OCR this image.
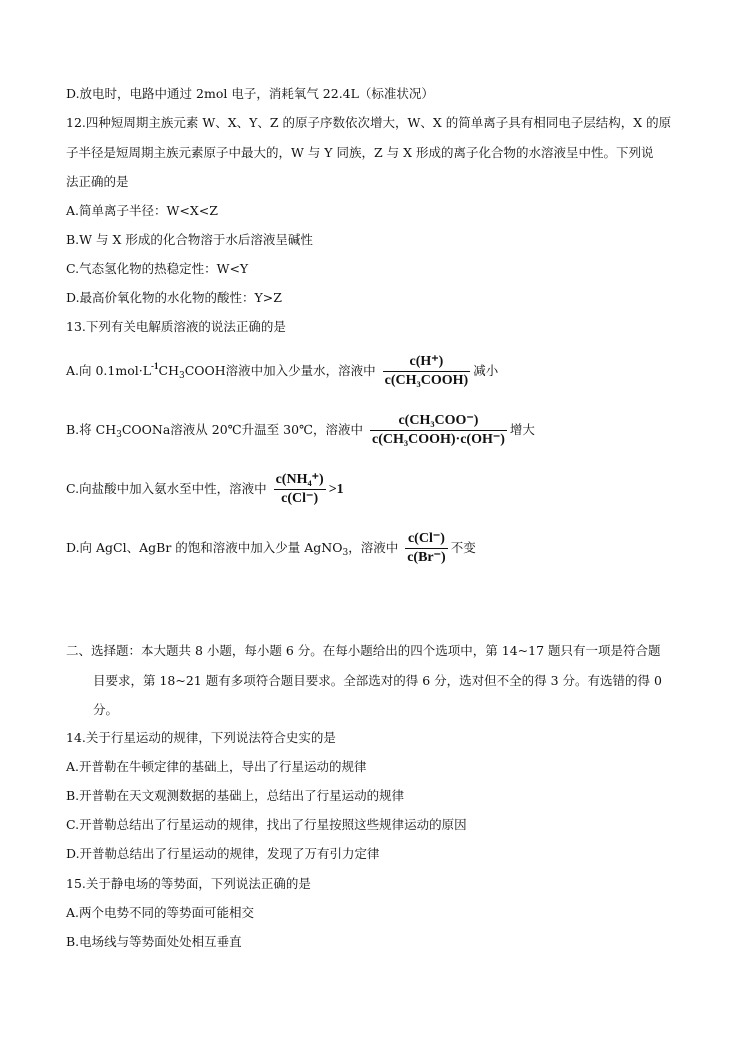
D.放电时，电路中通过 2mol 电子，消耗氧气 22.4L（标准状况）
12.四种短周期主族元素 W、X、Y、Z 的原子序数依次增大，W、X 的简单离子具有相同电子层结构，X 的原
子半径是短周期主族元素原子中最大的，W 与 Y 同族，Z 与 X 形成的离子化合物的水溶液呈中性。下列说
法正确的是
A.简单离子半径：W<X<Z
B.W 与 X 形成的化合物溶于水后溶液呈碱性
C.气态氢化物的热稳定性：W<Y
D.最高价氧化物的水化物的酸性：Y>Z
13.下列有关电解质溶液的说法正确的是
A.向 $0.1mol\cdot L^{-1}CH_3COOH$溶液中加入少量水，溶液中 $\frac{c(H^+)}{\text{c(CH₃COOH)}}$ 减小
B.将 $CH_3COONa$溶液从 20℃升温至 30℃，溶液中 $\frac{\text{c(CH₃COO⁻)}}{\text{c(CH₃COOH)·c(OH⁻)}}$ 增大
C.向盐酸中加入氨水至中性，溶液中 $\frac{\text{c(NH₄⁺)}}{c(Cl^-)} >1$
D.向 AgCl、AgBr 的饱和溶液中加入少量 AgNO$_3$，溶液中 $\frac{c(Cl^-)}{c(Br^-)}$ 不变
二、选择题：本大题共 8 小题，每小题 6 分。在每小题给出的四个选项中，第 14~17 题只有一项是符合题
目要求，第 18~21 题有多项符合题目要求。全部选对的得 6 分，选对但不全的得 3 分。有选错的得 0
分。
14.关于行星运动的规律，下列说法符合史实的是
A.开普勒在牛顿定律的基础上，导出了行星运动的规律
B.开普勒在天文观测数据的基础上，总结出了行星运动的规律
C.开普勒总结出了行星运动的规律，找出了行星按照这些规律运动的原因
D.开普勒总结出了行星运动的规律，发现了万有引力定律
15.关于静电场的等势面，下列说法正确的是
A.两个电势不同的等势面可能相交
B.电场线与等势面处处相互垂直
